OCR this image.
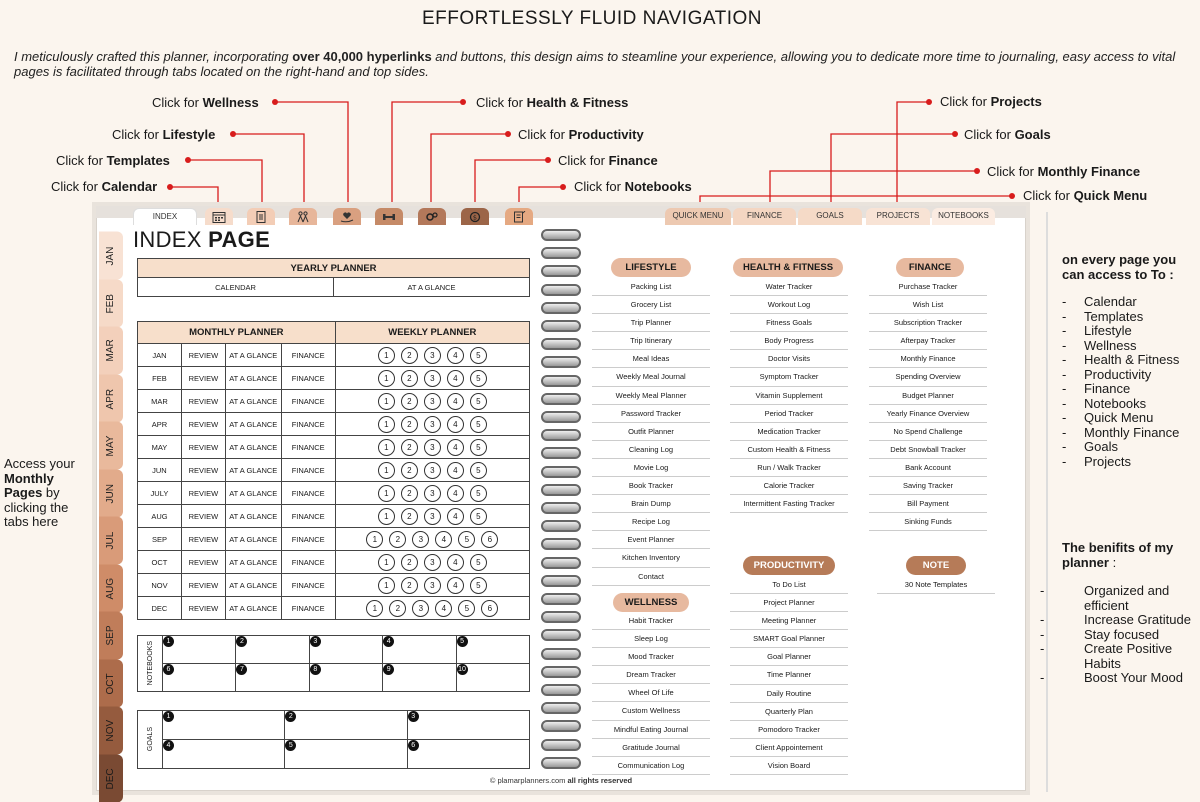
EFFORTLESSLY FLUID NAVIGATION
I meticulously crafted this planner, incorporating over 40,000 hyperlinks and buttons, this design aims to steamline your experience, allowing you to dedicate more time to journaling, easy access to vital pages is facilitated through tabs located on the right-hand and top sides.
Click for Wellness
Click for Lifestyle
Click for Templates
Click for Calendar
Click for Health & Fitness
Click for Productivity
Click for Finance
Click for Notebooks
Click for Projects
Click for Goals
Click for Monthly Finance
Click for Quick Menu
Access your
Monthly
Pages by
clicking the
tabs here
INDEX	$	QUICK MENU	FINANCE	GOALS	PROJECTS	NOTEBOOKS
JAN
FEB
MAR
APR
MAY
JUN
JUL
AUG
SEP
OCT
NOV
DEC
INDEX PAGE
YEARLY PLANNER
CALENDAR	AT A GLANCE
MONTHLY PLANNER				WEEKLY PLANNER
JAN	REVIEW	AT A GLANCE	FINANCE	1 2 3 4 5
FEB	REVIEW	AT A GLANCE	FINANCE	1 2 3 4 5
MAR	REVIEW	AT A GLANCE	FINANCE	1 2 3 4 5
APR	REVIEW	AT A GLANCE	FINANCE	1 2 3 4 5
MAY	REVIEW	AT A GLANCE	FINANCE	1 2 3 4 5
JUN	REVIEW	AT A GLANCE	FINANCE	1 2 3 4 5
JULY	REVIEW	AT A GLANCE	FINANCE	1 2 3 4 5
AUG	REVIEW	AT A GLANCE	FINANCE	1 2 3 4 5
SEP	REVIEW	AT A GLANCE	FINANCE	1 2 3 4 5 6
OCT	REVIEW	AT A GLANCE	FINANCE	1 2 3 4 5
NOV	REVIEW	AT A GLANCE	FINANCE	1 2 3 4 5
DEC	REVIEW	AT A GLANCE	FINANCE	1 2 3 4 5 6
NOTEBOOKS	1	2	3	4	5
	6	7	8	9	10
GOALS	1	2	3
	4	5	6
LIFESTYLE
Packing List
Grocery List
Trip Planner
Trip Itinerary
Meal Ideas
Weekly Meal Journal
Weekly Meal Planner
Password Tracker
Outfit Planner
Cleaning Log
Movie Log
Book Tracker
Brain Dump
Recipe Log
Event Planner
Kitchen Inventory
Contact
HEALTH & FITNESS
Water Tracker
Workout Log
Fitness Goals
Body Progress
Doctor Visits
Symptom Tracker
Vitamin Supplement
Period Tracker
Medication Tracker
Custom Health & Fitness
Run / Walk Tracker
Calorie Tracker
Intermittent Fasting Tracker
FINANCE
Purchase Tracker
Wish List
Subscription Tracker
Afterpay Tracker
Monthly Finance
Spending Overview
Budget Planner
Yearly Finance Overview
No Spend Challenge
Debt Snowball Tracker
Bank Account
Saving Tracker
Bill Payment
Sinking Funds
WELLNESS
Habit Tracker
Sleep Log
Mood Tracker
Dream Tracker
Wheel Of Life
Custom Wellness
Mindful Eating Journal
Gratitude Journal
Communication Log
PRODUCTIVITY
To Do List
Project Planner
Meeting Planner
SMART Goal Planner
Goal Planner
Time Planner
Daily Routine
Quarterly Plan
Pomodoro Tracker
Client Appointement
Vision Board
NOTE
30 Note Templates
© plamarplanners.com all rights reserved
on every page you
can access to To :
- Calendar
- Templates
- Lifestyle
- Wellness
- Health & Fitness
- Productivity
- Finance
- Notebooks
- Quick Menu
- Monthly Finance
- Goals
- Projects
The benifits of my
planner :
- Organized and efficient
- Increase Gratitude
- Stay focused
- Create Positive Habits
- Boost Your Mood
